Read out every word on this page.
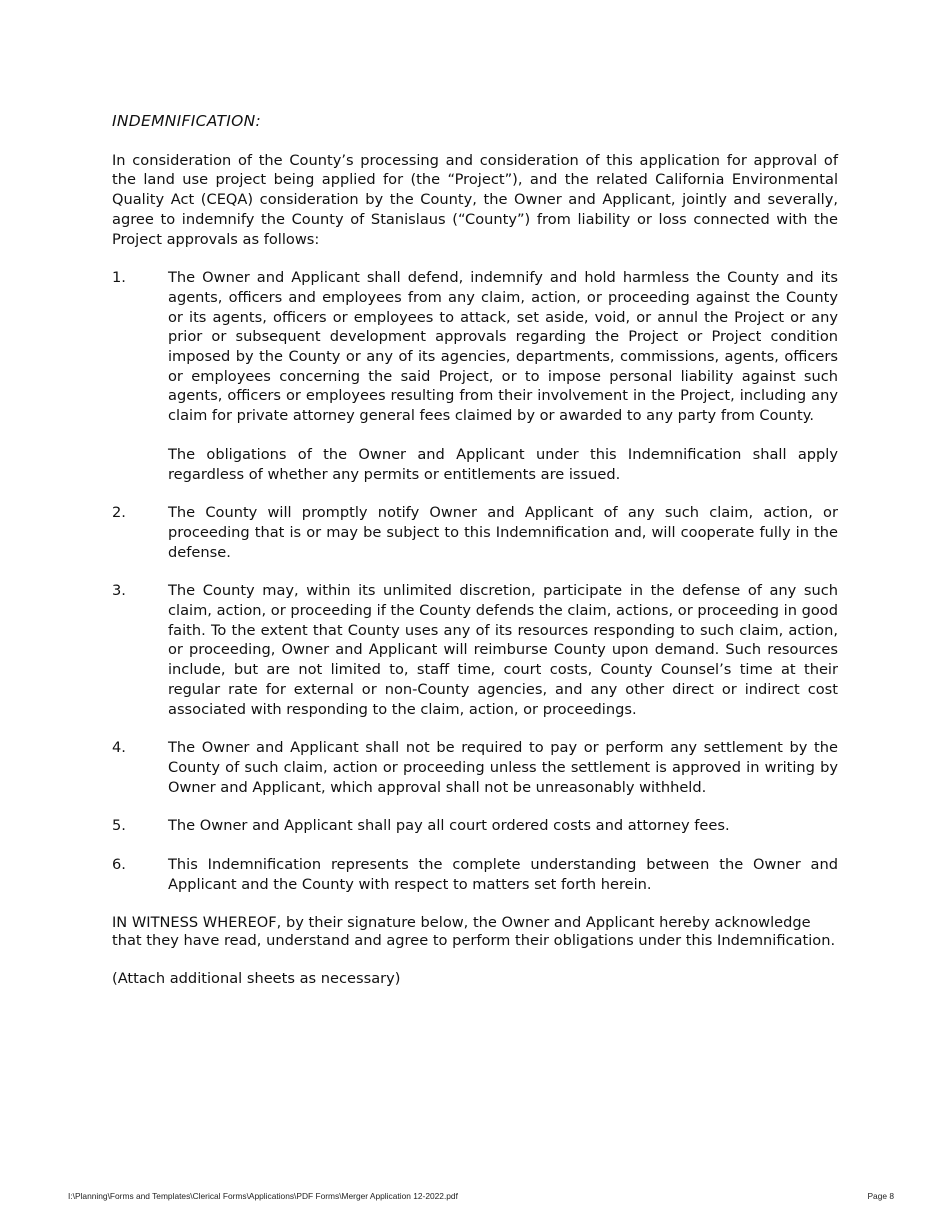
INDEMNIFICATION:

In consideration of the County’s processing and consideration of this application for approval of the land use project being applied for (the “Project”), and the related California Environmental Quality Act (CEQA) consideration by the County, the Owner and Applicant, jointly and severally, agree to indemnify the County of Stanislaus (“County”) from liability or loss connected with the Project approvals as follows:

1.	The Owner and Applicant shall defend, indemnify and hold harmless the County and its agents, officers and employees from any claim, action, or proceeding against the County or its agents, officers or employees to attack, set aside, void, or annul the Project or any prior or subsequent development approvals regarding the Project or Project condition imposed by the County or any of its agencies, departments, commissions, agents, officers or employees concerning the said Project, or to impose personal liability against such agents, officers or employees resulting from their involvement in the Project, including any claim for private attorney general fees claimed by or awarded to any party from County.

The obligations of the Owner and Applicant under this Indemnification shall apply regardless of whether any permits or entitlements are issued.

2.	The County will promptly notify Owner and Applicant of any such claim, action, or proceeding that is or may be subject to this Indemnification and, will cooperate fully in the defense.

3.	The County may, within its unlimited discretion, participate in the defense of any such claim, action, or proceeding if the County defends the claim, actions, or proceeding in good faith. To the extent that County uses any of its resources responding to such claim, action, or proceeding, Owner and Applicant will reimburse County upon demand. Such resources include, but are not limited to, staff time, court costs, County Counsel’s time at their regular rate for external or non-County agencies, and any other direct or indirect cost associated with responding to the claim, action, or proceedings.

4.	The Owner and Applicant shall not be required to pay or perform any settlement by the County of such claim, action or proceeding unless the settlement is approved in writing by Owner and Applicant, which approval shall not be unreasonably withheld.

5.	The Owner and Applicant shall pay all court ordered costs and attorney fees.

6.	This Indemnification represents the complete understanding between the Owner and Applicant and the County with respect to matters set forth herein.

IN WITNESS WHEREOF, by their signature below, the Owner and Applicant hereby acknowledge that they have read, understand and agree to perform their obligations under this Indemnification.

(Attach additional sheets as necessary)

I:\Planning\Forms and Templates\Clerical Forms\Applications\PDF Forms\Merger Application 12-2022.pdf	Page 8
